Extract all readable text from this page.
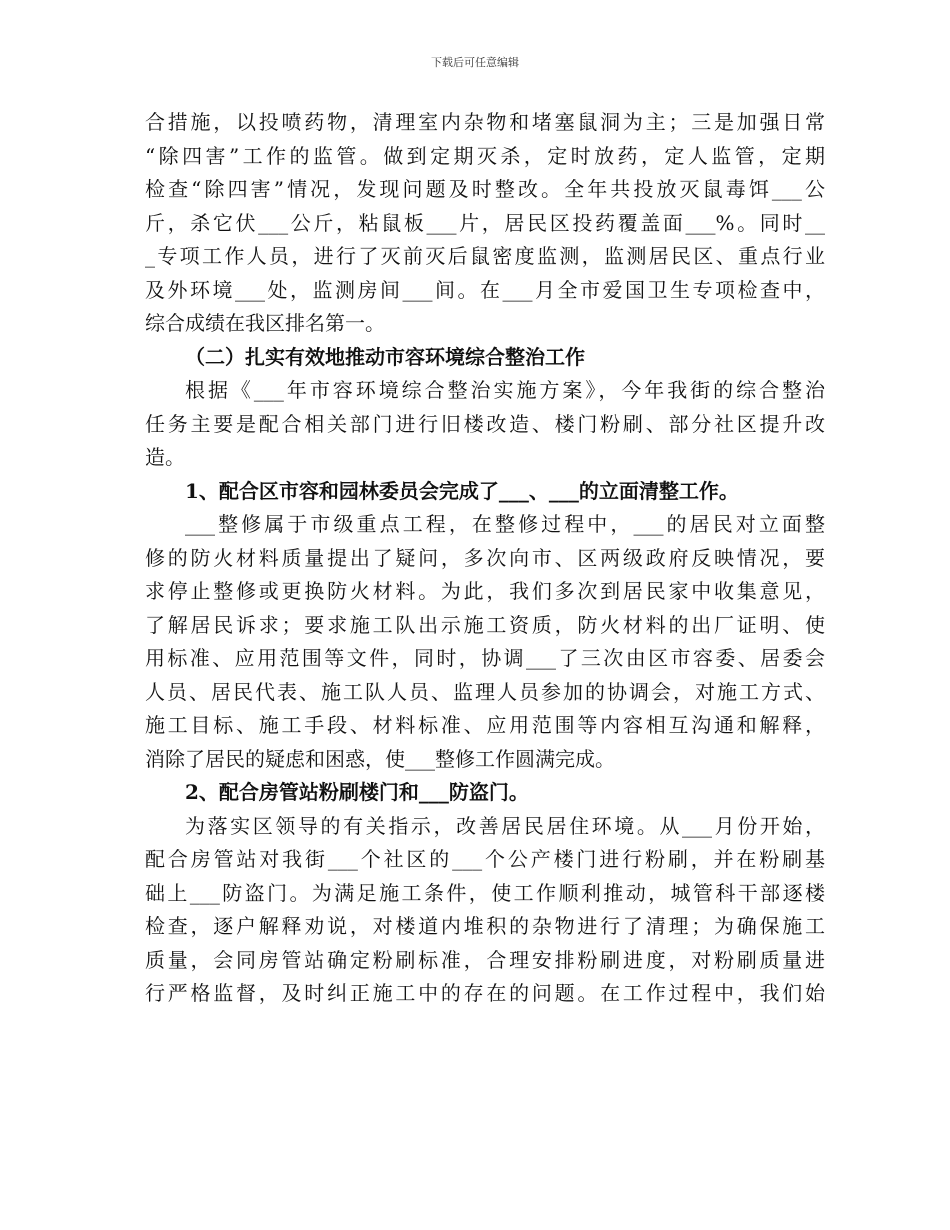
下载后可任意编辑
合措施，以投喷药物，清理室内杂物和堵塞鼠洞为主；三是加强日常
“除四害”工作的监管。做到定期灭杀，定时放药，定人监管，定期
检查“除四害”情况，发现问题及时整改。全年共投放灭鼠毒饵___公
斤，杀它伏___公斤，粘鼠板___片，居民区投药覆盖面___%。同时__
_专项工作人员，进行了灭前灭后鼠密度监测，监测居民区、重点行业
及外环境___处，监测房间___间。在___月全市爱国卫生专项检查中，
综合成绩在我区排名第一。
（二）扎实有效地推动市容环境综合整治工作
根据《___年市容环境综合整治实施方案》，今年我街的综合整治
任务主要是配合相关部门进行旧楼改造、楼门粉刷、部分社区提升改
造。
1、配合区市容和园林委员会完成了___、___的立面清整工作。
___整修属于市级重点工程，在整修过程中，___的居民对立面整
修的防火材料质量提出了疑问，多次向市、区两级政府反映情况，要
求停止整修或更换防火材料。为此，我们多次到居民家中收集意见，
了解居民诉求；要求施工队出示施工资质，防火材料的出厂证明、使
用标准、应用范围等文件，同时，协调___了三次由区市容委、居委会
人员、居民代表、施工队人员、监理人员参加的协调会，对施工方式、
施工目标、施工手段、材料标准、应用范围等内容相互沟通和解释，
消除了居民的疑虑和困惑，使___整修工作圆满完成。
2、配合房管站粉刷楼门和___防盗门。
为落实区领导的有关指示，改善居民居住环境。从___月份开始，
配合房管站对我街___个社区的___个公产楼门进行粉刷，并在粉刷基
础上___防盗门。为满足施工条件，使工作顺利推动，城管科干部逐楼
检查，逐户解释劝说，对楼道内堆积的杂物进行了清理；为确保施工
质量，会同房管站确定粉刷标准，合理安排粉刷进度，对粉刷质量进
行严格监督，及时纠正施工中的存在的问题。在工作过程中，我们始
